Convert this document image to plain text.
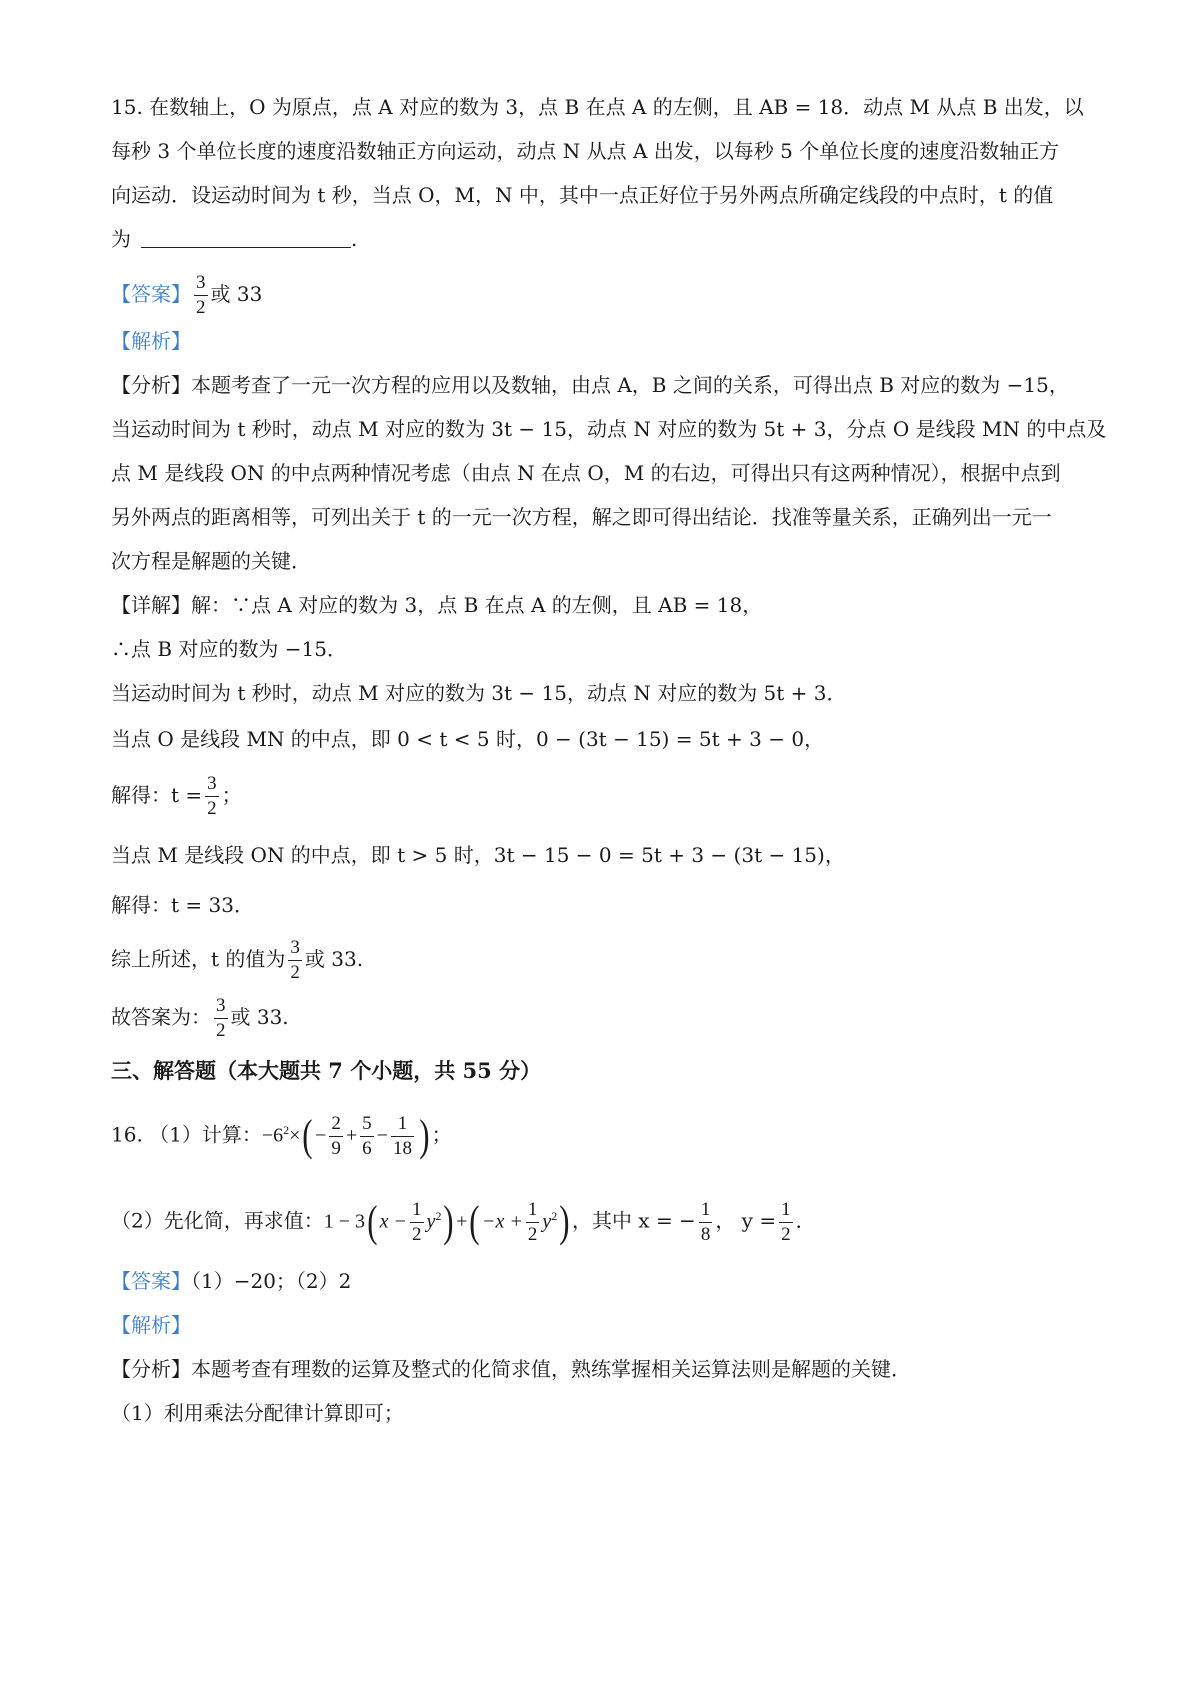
15. 在数轴上，O 为原点，点 A 对应的数为 3，点 B 在点 A 的左侧，且 AB = 18．动点 M 从点 B 出发，以
每秒 3 个单位长度的速度沿数轴正方向运动，动点 N 从点 A 出发，以每秒 5 个单位长度的速度沿数轴正方
向运动．设运动时间为 t 秒，当点 O，M，N 中，其中一点正好位于另外两点所确定线段的中点时，t 的值
为	.
【答案】 $\frac{3}{2}$ 或 33
【解析】
【分析】本题考查了一元一次方程的应用以及数轴，由点 A，B 之间的关系，可得出点 B 对应的数为 −15，
当运动时间为 t 秒时，动点 M 对应的数为 3t − 15，动点 N 对应的数为 5t + 3，分点 O 是线段 MN 的中点及
点 M 是线段 ON 的中点两种情况考虑（由点 N 在点 O，M 的右边，可得出只有这两种情况），根据中点到
另外两点的距离相等，可列出关于 t 的一元一次方程，解之即可得出结论．找准等量关系，正确列出一元一
次方程是解题的关键．
【详解】解：∵点 A 对应的数为 3，点 B 在点 A 的左侧，且 AB = 18，
∴点 B 对应的数为 −15．
当运动时间为 t 秒时，动点 M 对应的数为 3t − 15，动点 N 对应的数为 5t + 3．
当点 O 是线段 MN 的中点，即 0 < t < 5 时，0 − (3t − 15) = 5t + 3 − 0，
解得：$t = \frac{3}{2}$ ；
当点 M 是线段 ON 的中点，即 t > 5 时，3t − 15 − 0 = 5t + 3 − (3t − 15)，
解得：t = 33．
综上所述，t 的值为 $\frac{3}{2}$ 或 33.
故答案为： $\frac{3}{2}$ 或 33.
三、解答题（本大题共 7 个小题，共 55 分）
16. （1）计算：$-6^2\times( - \frac{2}{9} + \frac{5}{6} - \frac{1}{18}$ ) ；
（2）先化简，再求值：1 − 3( $x - \frac{1}{2} y^2$) +( $-x + \frac{1}{2} y^2$) ，其中 x = − $\frac{1}{8}$ ， $y = \frac{1}{2}$ ．
【答案】（1）−20；（2）2
【解析】
【分析】本题考查有理数的运算及整式的化简求值，熟练掌握相关运算法则是解题的关键．
（1）利用乘法分配律计算即可；
